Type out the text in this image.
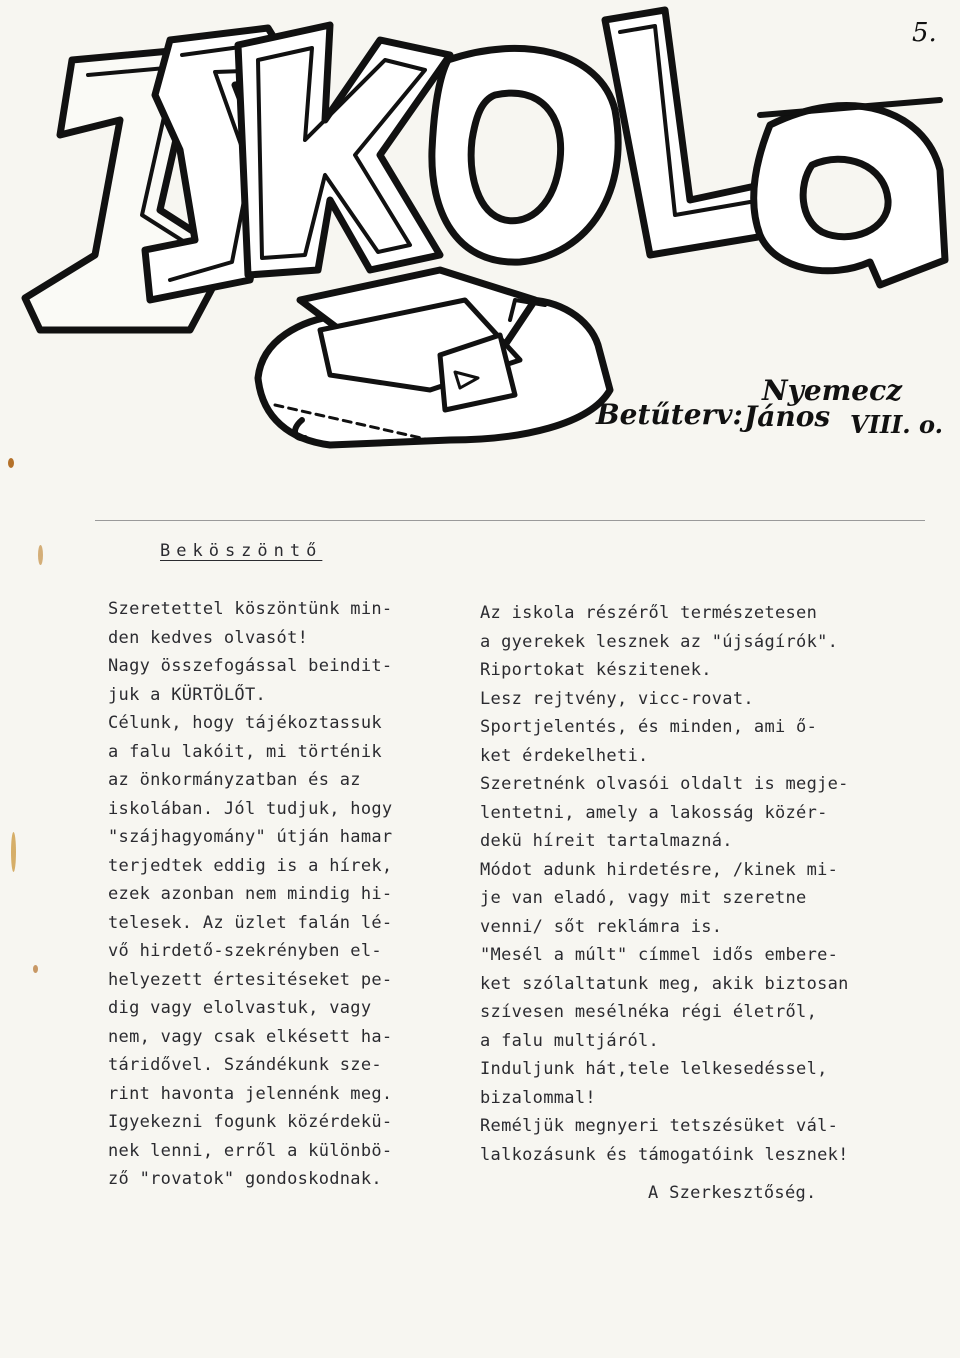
5.
Betűterv:
Nyemecz
János VIII. o.
Beköszöntő
Szeretettel köszöntünk min-
den kedves olvasót!
Nagy összefogással beindit-
juk a KÜRTÖLŐT.
Célunk, hogy tájékoztassuk
a falu lakóit, mi történik
az önkormányzatban és az
iskolában. Jól tudjuk, hogy
"szájhagyomány" útján hamar
terjedtek eddig is a hírek,
ezek azonban nem mindig hi-
telesek. Az üzlet falán lé-
vő hirdető-szekrényben el-
helyezett értesitéseket pe-
dig vagy elolvastuk, vagy
nem, vagy csak elkésett ha-
táridővel. Szándékunk sze-
rint havonta jelennénk meg.
Igyekezni fogunk közérdekü-
nek lenni, erről a különbö-
ző "rovatok" gondoskodnak.
Az iskola részéről természetesen
a gyerekek lesznek az "újságírók".
Riportokat készitenek.
Lesz rejtvény, vicc-rovat.
Sportjelentés, és minden, ami ő-
ket érdekelheti.
Szeretnénk olvasói oldalt is megje-
lentetni, amely a lakosság közér-
dekü híreit tartalmazná.
Módot adunk hirdetésre, /kinek mi-
je van eladó, vagy mit szeretne
venni/ sőt reklámra is.
"Mesél a múlt" címmel idős embere-
ket szólaltatunk meg, akik biztosan
szívesen mesélnéka régi életről,
a falu multjáról.
Induljunk hát,tele lelkesedéssel,
bizalommal!
Reméljük megnyeri tetszésüket vál-
lalkozásunk és támogatóink lesznek!
A Szerkesztőség.
